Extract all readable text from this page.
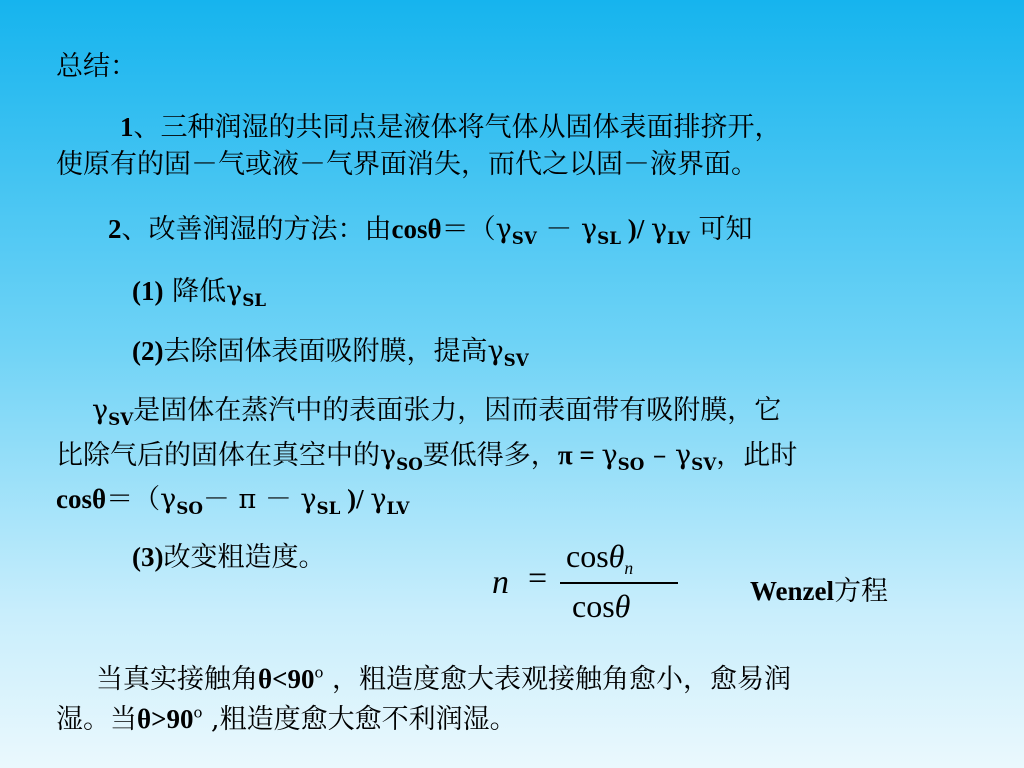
总结：
1、三种润湿的共同点是液体将气体从固体表面排挤开，
使原有的固－气或液－气界面消失，而代之以固－液界面。
2、改善润湿的方法：由$\cos\theta=(\gamma_{SV} - \gamma_{SL}$ )/ $\gamma_{LV}$ 可知
(1) 降低$\gamma_{SL}$
(2)去除固体表面吸附膜，提高$\gamma_{SV}$
$\gamma_{SV}$是固体在蒸汽中的表面张力，因而表面带有吸附膜，它
比除气后的固体在真空中的$\gamma_{SO}$要低得多，$\pi = \gamma_{SO} - \gamma_{SV}$，此时
$\cos\theta=(\gamma_{SO}- \pi - \gamma_{SL}$ )/ $\gamma_{LV}$
(3)改变粗造度。
n =
cosθ$_n$
cosθ	Wenzel方程
当真实接触角$\theta<90^o$ ，粗造度愈大表观接触角愈小，愈易润
湿。当$\theta>90^o$ ,粗造度愈大愈不利润湿。
